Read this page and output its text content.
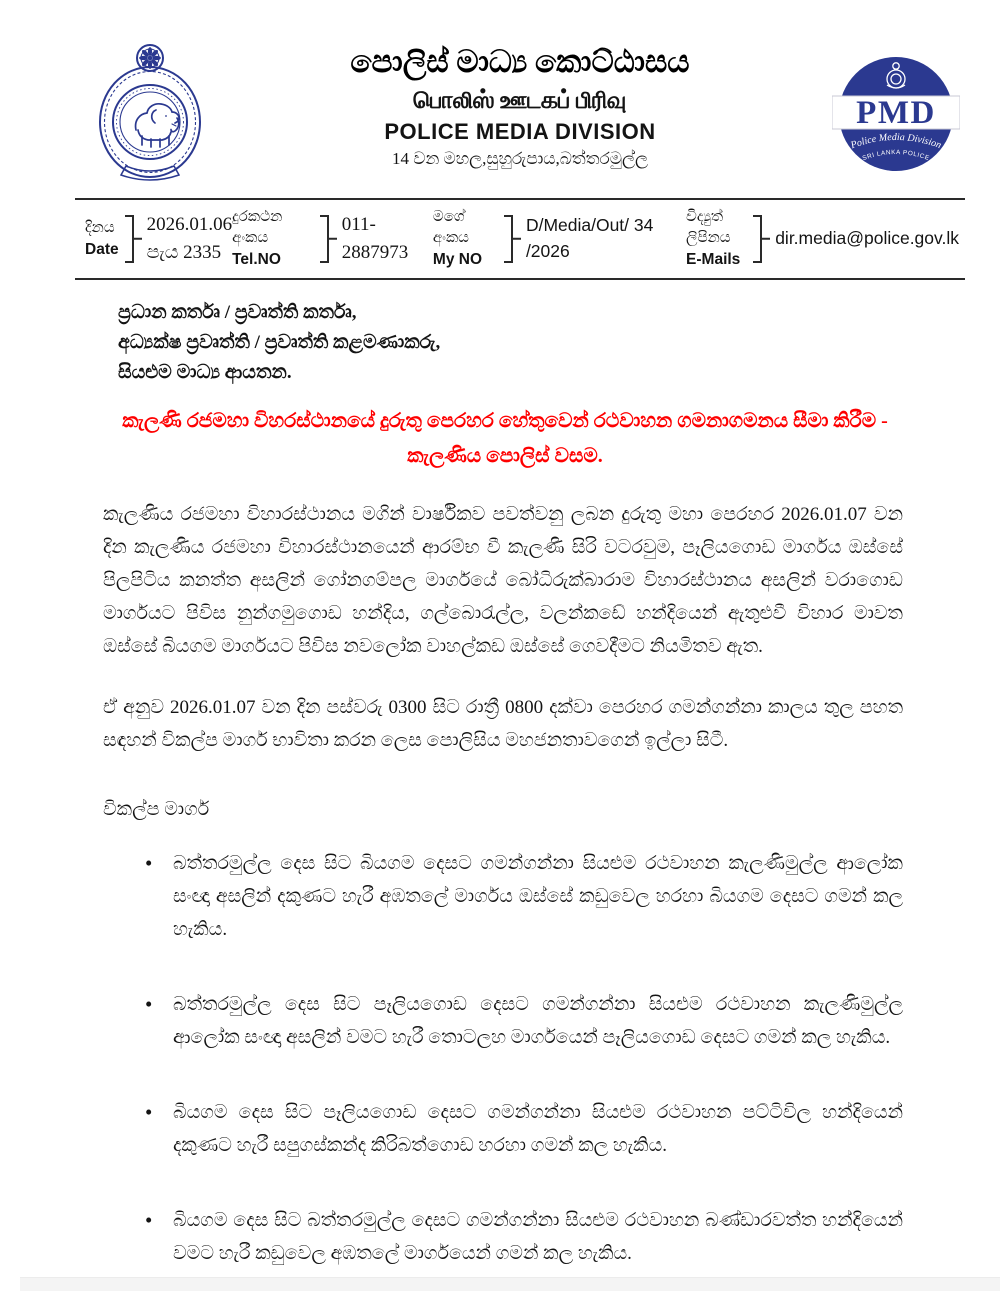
පොලිස් මාධ්‍ය කොට්ඨාසය
பொலிஸ் ஊடகப் பிரிவு
POLICE MEDIA DIVISION
14 වන මහල,සුහුරුපාය,බත්තරමුල්ල
PMD
Police Media Division
SRI LANKA POLICE
දිනය
Date
2026.01.06
පැය 2335
දුරකථන අංකය
Tel.NO
011-2887973
මගේ අංකය
My NO
D/Media/Out/ 34 /2026
විද්‍යුත් ලිපිනය
E-Mails
dir.media@police.gov.lk
ප්‍රධාන කර්තෘ / ප්‍රවෘත්ති කර්තෘ,
අධ්‍යක්ෂ ප්‍රවෘත්ති / ප්‍රවෘත්ති කළමණාකරු,
සියළුම මාධ්‍ය ආයතන.
කැලණි රජමහා විහරස්ථානයේ දුරුතු පෙරහර හේතුවෙන් රථවාහන ගමනාගමනය සීමා කිරීම - කැලණිය පොලිස් වසම.

කැලණිය රජමහා විහාරස්ථානය මගින් වාර්ෂිකව පවත්වනු ලබන දුරුතු මහා පෙරහර 2026.01.07 වන දින කැලණිය රජමහා විහාරස්ථානයෙන් ආරම්භ වී කැලණි සිරි වටරවුම, පෑලියගොඩ මාර්ගය ඔස්සේ පිලපිටිය කනත්ත අසලින් ගෝනගම්පල මාර්ගයේ බෝධිරුක්බාරාම විහාරස්ථානය අසලින් වරාගොඩ මාර්ගයට පිවිස නුන්ගමුගොඩ හන්දිය, ගල්බොරැල්ල, වලන්කඩේ හන්දියෙන් ඇතුළුවී විහාර මාවත ඔස්සේ බියගම මාර්ගයට පිවිස නවලෝක වාහල්කඩ ඔස්සේ ගෙවදීමට නියමිතව ඇත.

ඒ අනුව 2026.01.07 වන දින පස්වරු 0300 සිට රාත්‍රී 0800 දක්වා පෙරහර ගමන්ගන්නා කාලය තුල පහත සඳහන් විකල්ප මාර්ග භාවිතා කරන ලෙස පොලිසිය මහජනතාවගෙන් ඉල්ලා සිටී.

විකල්ප මාර්ග
• බත්තරමුල්ල දෙස සිට බියගම දෙසට ගමන්ගන්නා සියළුම රථවාහන කැලණිමුල්ල ආලෝක සංඥා අසලින් දකුණට හැරී අඹතලේ මාර්ගය ඔස්සේ කඩුවෙල හරහා බියගම දෙසට ගමන් කල හැකිය.
• බත්තරමුල්ල දෙස සිට පෑලියගොඩ දෙසට ගමන්ගන්නා සියළුම රථවාහන කැලණිමුල්ල ආලෝක සංඥා අසලින් වමට හැරී තොටලහ මාර්ගයෙන් පෑලියගොඩ දෙසට ගමන් කල හැකිය.
• බියගම දෙස සිට පෑලියගොඩ දෙසට ගමන්ගන්නා සියළුම රථවාහන පට්ටිවිල හන්දියෙන් දකුණට හැරී සපුගස්කන්ද කිරිබත්ගොඩ හරහා ගමන් කල හැකිය.
• බියගම දෙස සිට බත්තරමුල්ල දෙසට ගමන්ගන්නා සියළුම රථවාහන බණ්ඩාරවත්ත හන්දියෙන් වමට හැරී කඩුවෙල අඹතලේ මාර්ගයෙන් ගමන් කල හැකිය.
